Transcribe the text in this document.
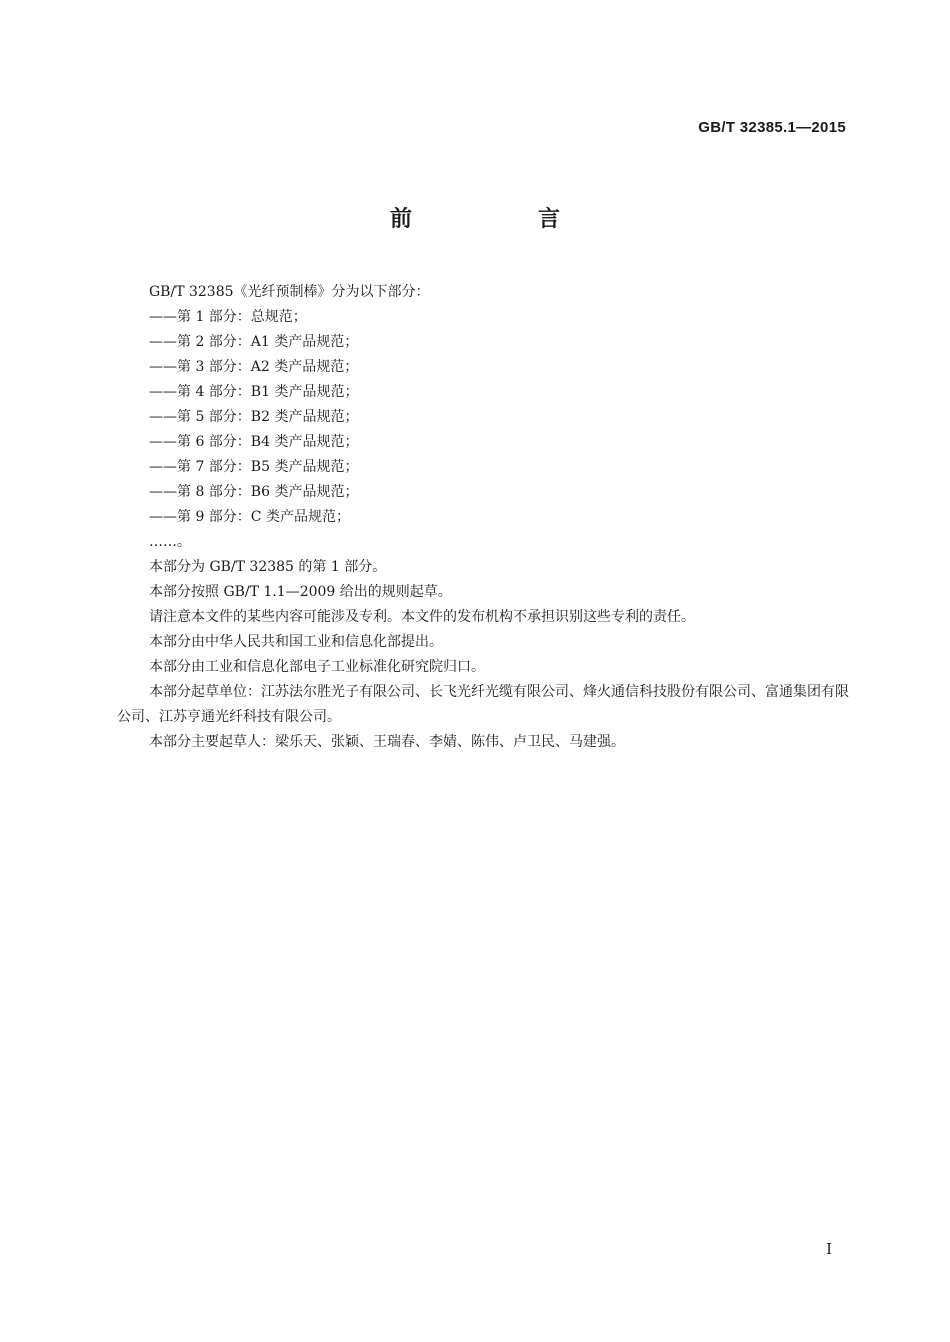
GB/T 32385.1—2015
前　言
GB/T 32385《光纤预制棒》分为以下部分：
——第 1 部分：总规范；
——第 2 部分：A1 类产品规范；
——第 3 部分：A2 类产品规范；
——第 4 部分：B1 类产品规范；
——第 5 部分：B2 类产品规范；
——第 6 部分：B4 类产品规范；
——第 7 部分：B5 类产品规范；
——第 8 部分：B6 类产品规范；
——第 9 部分：C 类产品规范；
……。
本部分为 GB/T 32385 的第 1 部分。
本部分按照 GB/T 1.1—2009 给出的规则起草。
请注意本文件的某些内容可能涉及专利。本文件的发布机构不承担识别这些专利的责任。
本部分由中华人民共和国工业和信息化部提出。
本部分由工业和信息化部电子工业标准化研究院归口。
本部分起草单位：江苏法尔胜光子有限公司、长飞光纤光缆有限公司、烽火通信科技股份有限公司、富通集团有限公司、江苏亨通光纤科技有限公司。
本部分主要起草人：梁乐天、张颖、王瑞春、李婧、陈伟、卢卫民、马建强。
I
